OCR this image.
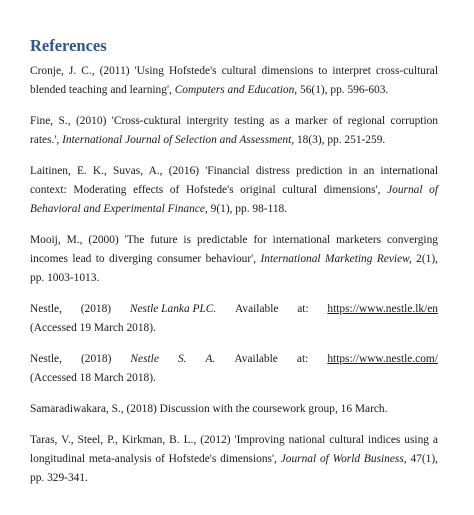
References

Cronje, J. C., (2011) 'Using Hofstede's cultural dimensions to interpret cross-cultural blended teaching and learning', Computers and Education, 56(1), pp. 596-603.

Fine, S., (2010) 'Cross-cuktural intergrity testing as a marker of regional corruption rates.', International Journal of Selection and Assessment, 18(3), pp. 251-259.

Laitinen, E. K., Suvas, A., (2016) 'Financial distress prediction in an international context: Moderating effects of Hofstede's original cultural dimensions', Journal of Behavioral and Experimental Finance, 9(1), pp. 98-118.

Mooij, M., (2000) 'The future is predictable for international marketers converging incomes lead to diverging consumer behaviour', International Marketing Review, 2(1), pp. 1003-1013.

Nestle, (2018) Nestle Lanka PLC. Available at: https://www.nestle.lk/en
(Accessed 19 March 2018).
Nestle, (2018) Nestle S. A. Available at: https://www.nestle.com/
(Accessed 18 March 2018).

Samaradiwakara, S., (2018) Discussion with the coursework group, 16 March.

Taras, V., Steel, P., Kirkman, B. L., (2012) 'Improving national cultural indices using a longitudinal meta-analysis of Hofstede's dimensions', Journal of World Business, 47(1), pp. 329-341.
